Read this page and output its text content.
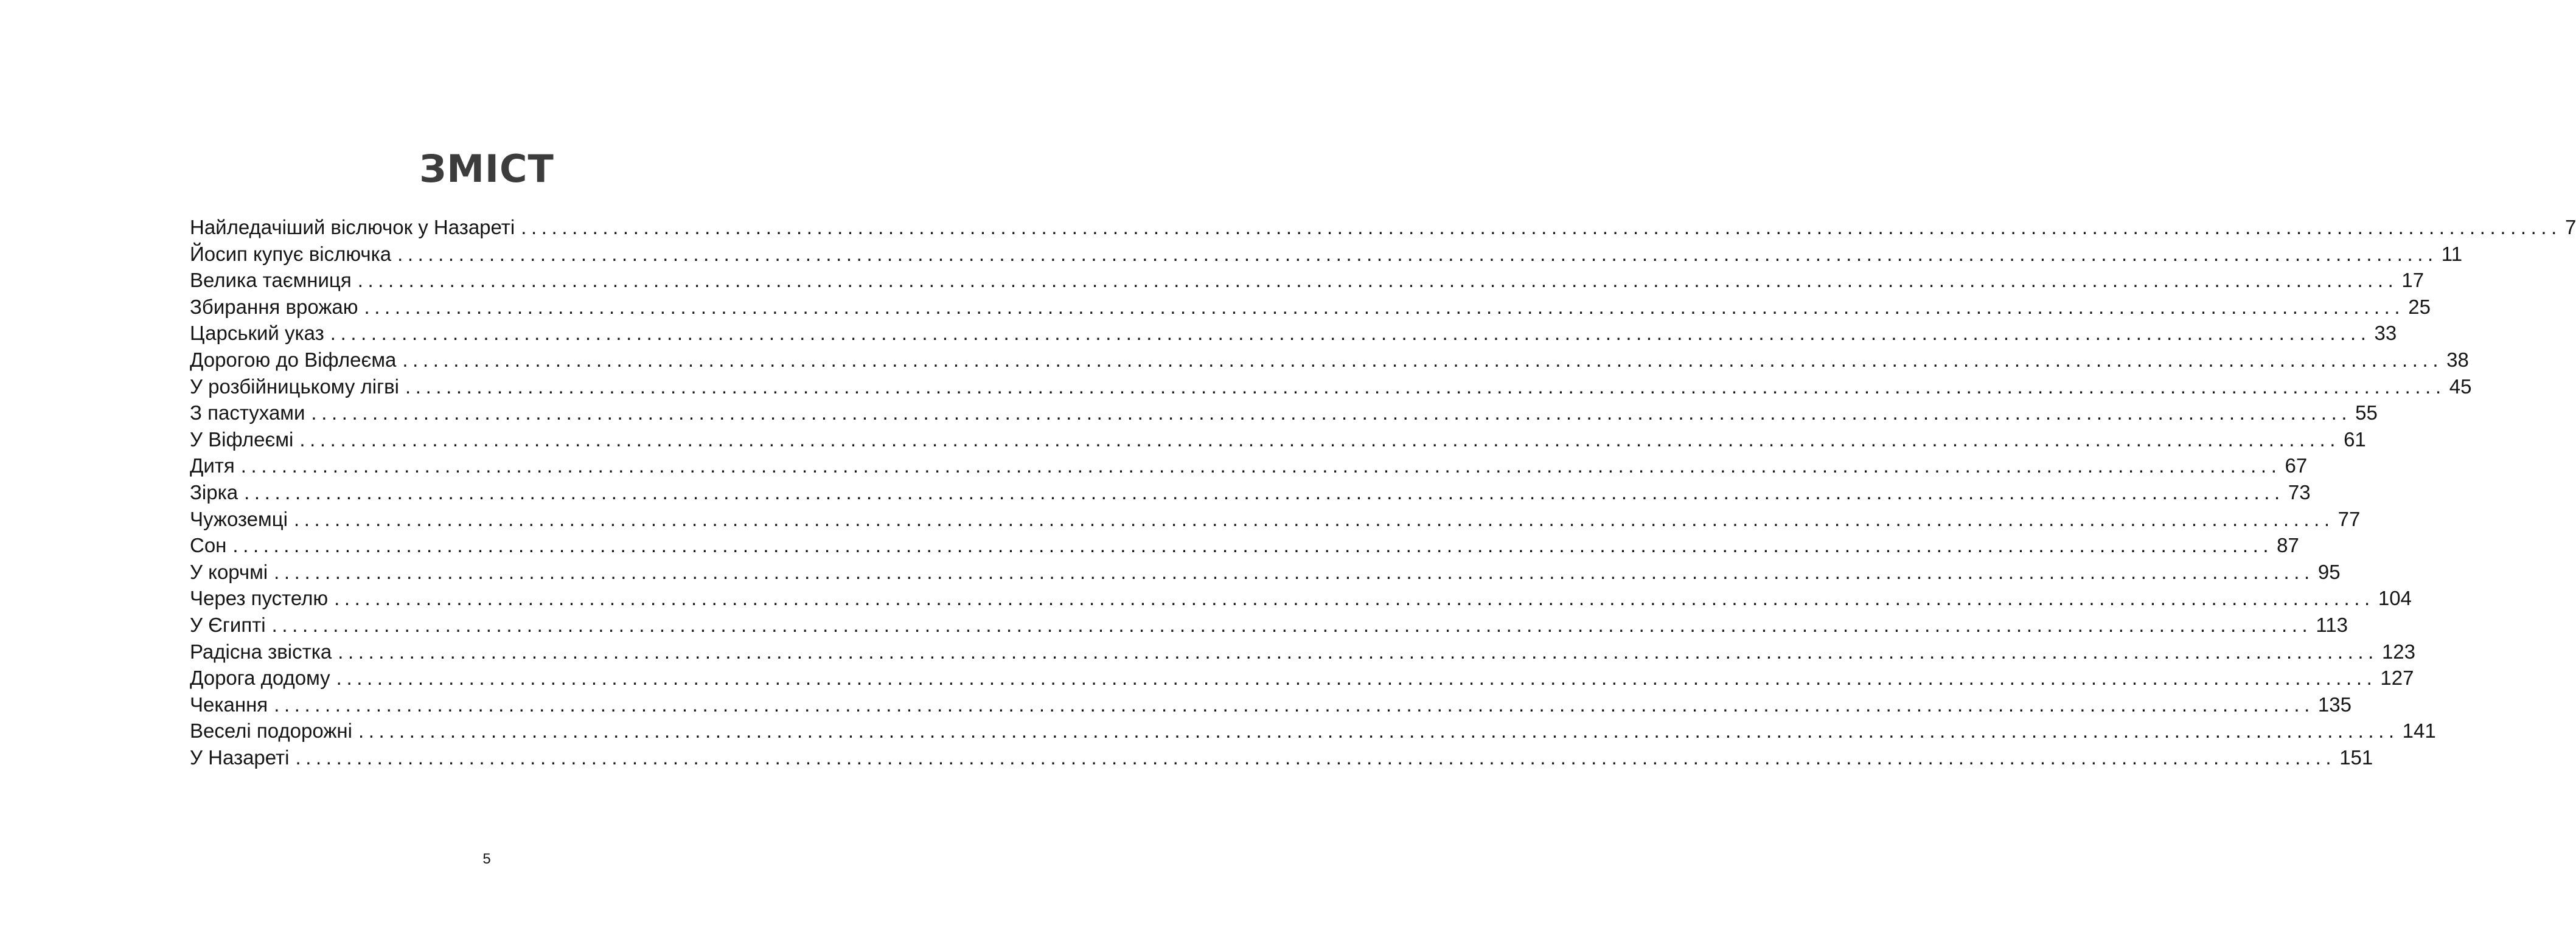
ЗМІСТ
Найледачіший віслючок у Назареті ........................................................................................................................................................................................................ 7
Йосип купує віслючка ........................................................................................................................................................................................................ 11
Велика таємниця ........................................................................................................................................................................................................ 17
Збирання врожаю ........................................................................................................................................................................................................ 25
Царський указ ........................................................................................................................................................................................................ 33
Дорогою до Віфлеєма ........................................................................................................................................................................................................ 38
У розбійницькому лігві ........................................................................................................................................................................................................ 45
З пастухами ........................................................................................................................................................................................................ 55
У Віфлеємі ........................................................................................................................................................................................................ 61
Дитя ........................................................................................................................................................................................................ 67
Зірка ........................................................................................................................................................................................................ 73
Чужоземці ........................................................................................................................................................................................................ 77
Сон ........................................................................................................................................................................................................ 87
У корчмі ........................................................................................................................................................................................................ 95
Через пустелю ........................................................................................................................................................................................................ 104
У Єгипті ........................................................................................................................................................................................................ 113
Радісна звістка ........................................................................................................................................................................................................ 123
Дорога додому ........................................................................................................................................................................................................ 127
Чекання ........................................................................................................................................................................................................ 135
Веселі подорожні ........................................................................................................................................................................................................ 141
У Назареті ........................................................................................................................................................................................................ 151
5
